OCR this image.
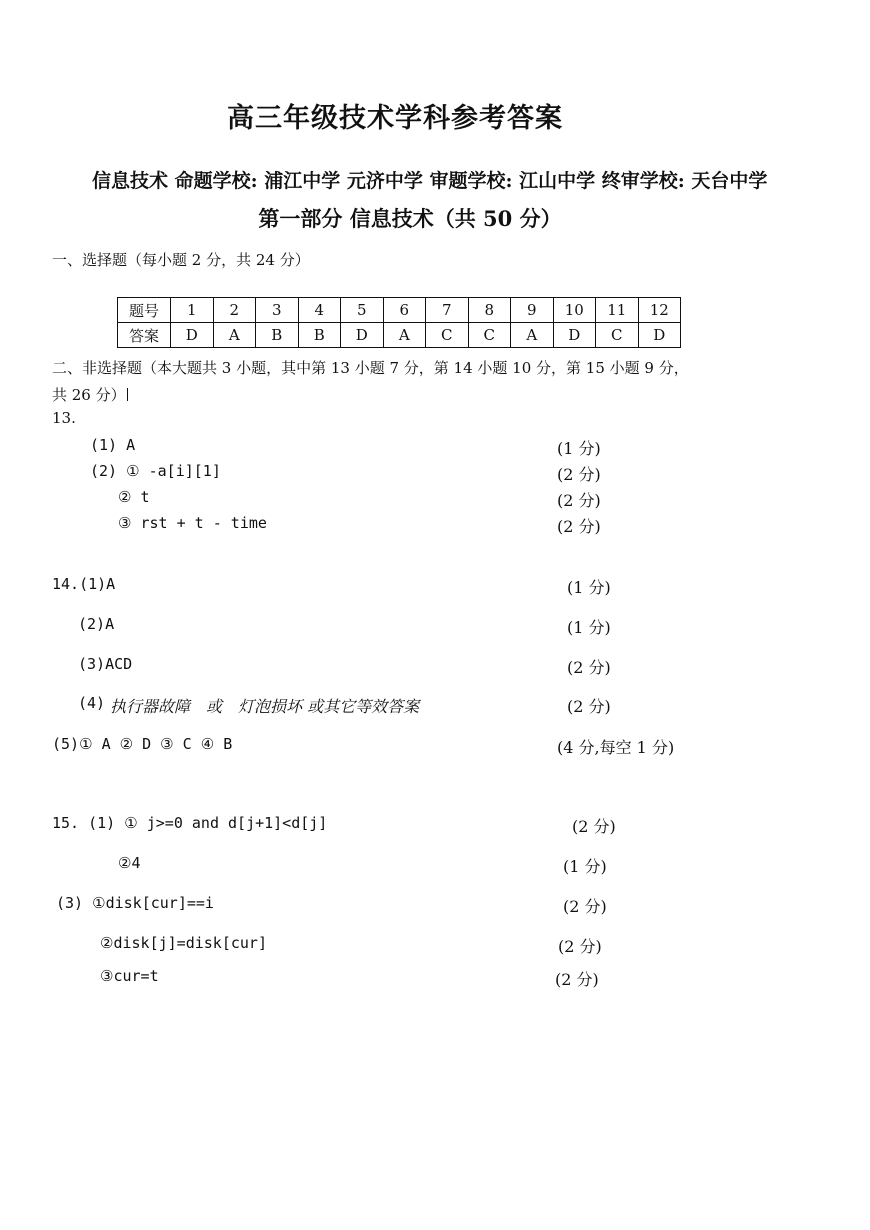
高三年级技术学科参考答案
信息技术 命题学校: 浦江中学 元济中学 审题学校: 江山中学 终审学校: 天台中学
第一部分 信息技术（共 50 分）
一、选择题（每小题 2 分，共 24 分）
题号	1	2	3	4	5	6	7	8	9	10	11	12
答案	D	A	B	B	D	A	C	C	A	D	C	D
二、非选择题（本大题共 3 小题，其中第 13 小题 7 分，第 14 小题 10 分，第 15 小题 9 分，
共 26 分）
13.
(1) A	(1 分)
(2) ① -a[i][1]	(2 分)
② t	(2 分)
③ rst + t - time	(2 分)
14.(1)A	(1 分)
(2)A	(1 分)
(3)ACD	(2 分)
(4) 执行器故障　或　灯泡损坏 或其它等效答案	(2 分)
(5)① A ② D ③ C ④ B	(4 分,每空 1 分)
15. (1) ① j>=0 and d[j+1]<d[j]	(2 分)
②4	(1 分)
(3) ①disk[cur]==i	(2 分)
②disk[j]=disk[cur]	(2 分)
③cur=t	(2 分)
